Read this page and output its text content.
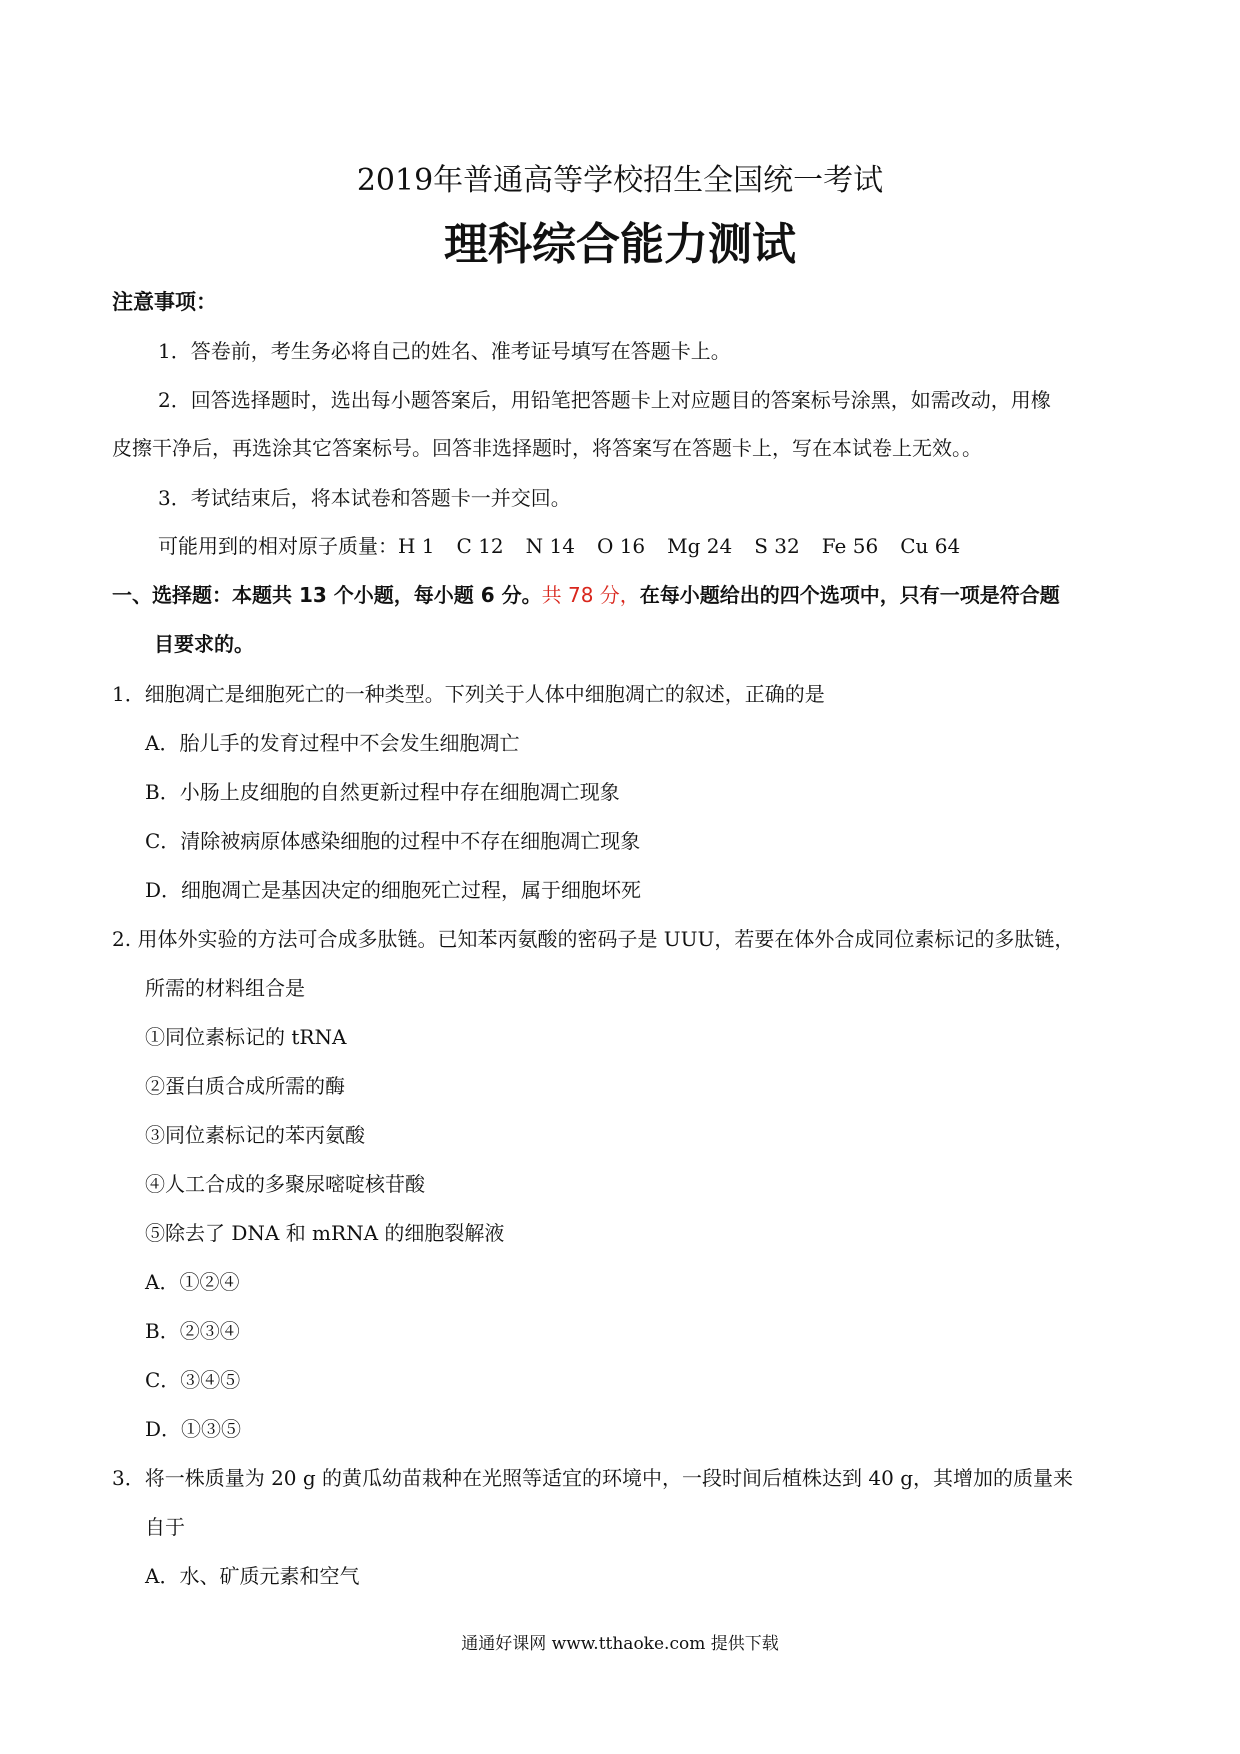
2019年普通高等学校招生全国统一考试
理科综合能力测试
注意事项：
1．答卷前，考生务必将自己的姓名、准考证号填写在答题卡上。
2．回答选择题时，选出每小题答案后，用铅笔把答题卡上对应题目的答案标号涂黑，如需改动，用橡
皮擦干净后，再选涂其它答案标号。回答非选择题时，将答案写在答题卡上，写在本试卷上无效。。
3．考试结束后，将本试卷和答题卡一并交回。
可能用到的相对原子质量：H 1 C 12 N 14 O 16 Mg 24 S 32 Fe 56 Cu 64
一、选择题：本题共 13 个小题，每小题 6 分。共 78 分，在每小题给出的四个选项中，只有一项是符合题
目要求的。
1．细胞凋亡是细胞死亡的一种类型。下列关于人体中细胞凋亡的叙述，正确的是
A．胎儿手的发育过程中不会发生细胞凋亡
B．小肠上皮细胞的自然更新过程中存在细胞凋亡现象
C．清除被病原体感染细胞的过程中不存在细胞凋亡现象
D．细胞凋亡是基因决定的细胞死亡过程，属于细胞坏死
2. 用体外实验的方法可合成多肽链。已知苯丙氨酸的密码子是 UUU，若要在体外合成同位素标记的多肽链，
所需的材料组合是
①同位素标记的 tRNA
②蛋白质合成所需的酶
③同位素标记的苯丙氨酸
④人工合成的多聚尿嘧啶核苷酸
⑤除去了 DNA 和 mRNA 的细胞裂解液
A．①②④
B．②③④
C．③④⑤
D．①③⑤
3．将一株质量为 20 g 的黄瓜幼苗栽种在光照等适宜的环境中，一段时间后植株达到 40 g，其增加的质量来
自于
A．水、矿质元素和空气
通通好课网 www.tthaoke.com 提供下载
